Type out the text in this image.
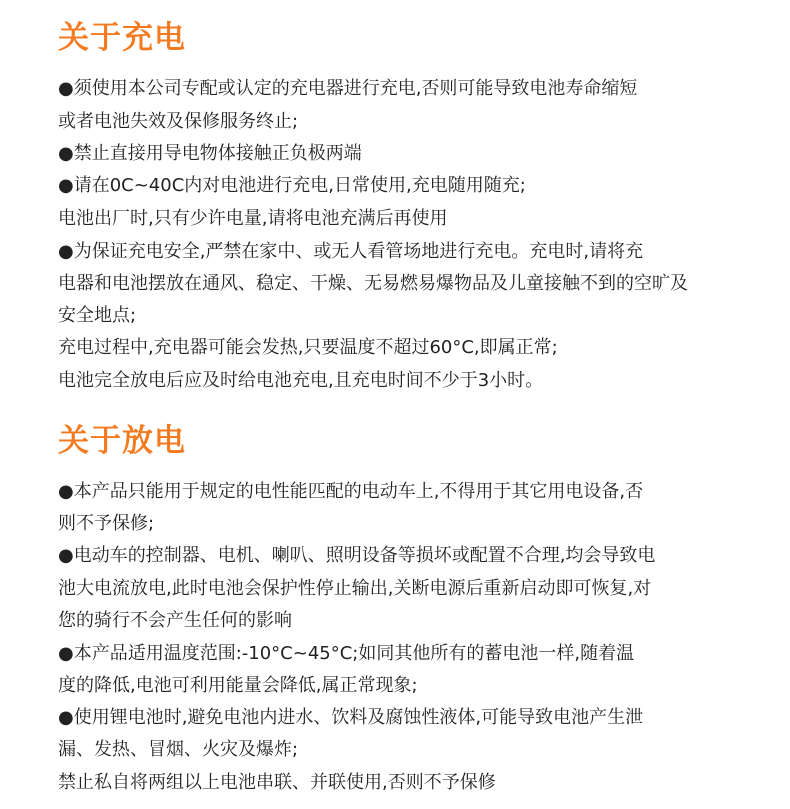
关于充电
●须使用本公司专配或认定的充电器进行充电,否则可能导致电池寿命缩短
或者电池失效及保修服务终止;
●禁止直接用导电物体接触正负极两端
●请在0C~40C内对电池进行充电,日常使用,充电随用随充;
电池出厂时,只有少许电量,请将电池充满后再使用
●为保证充电安全,严禁在家中、或无人看管场地进行充电。充电时,请将充
电器和电池摆放在通风、稳定、干燥、无易燃易爆物品及儿童接触不到的空旷及
安全地点;
充电过程中,充电器可能会发热,只要温度不超过60°C,即属正常;
电池完全放电后应及时给电池充电,且充电时间不少于3小时。
关于放电
●本产品只能用于规定的电性能匹配的电动车上,不得用于其它用电设备,否
则不予保修;
●电动车的控制器、电机、喇叭、照明设备等损坏或配置不合理,均会导致电
池大电流放电,此时电池会保护性停止输出,关断电源后重新启动即可恢复,对
您的骑行不会产生任何的影响
●本产品适用温度范围:-10°C~45°C;如同其他所有的蓄电池一样,随着温
度的降低,电池可利用能量会降低,属正常现象;
●使用锂电池时,避免电池内进水、饮料及腐蚀性液体,可能导致电池产生泄
漏、发热、冒烟、火灾及爆炸;
禁止私自将两组以上电池串联、并联使用,否则不予保修
